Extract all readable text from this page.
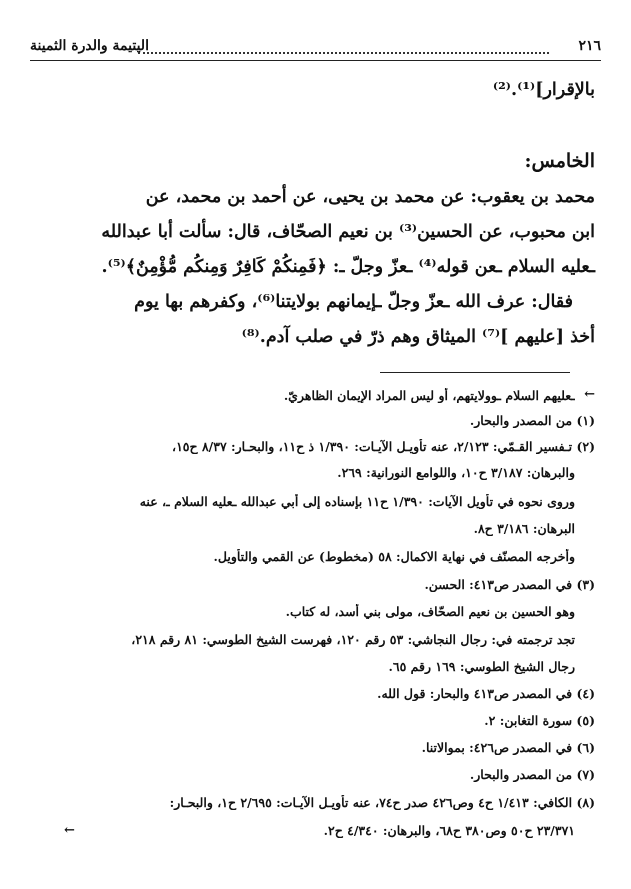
٢١٦
اليتيمة والدرة الثمينة
بالإقرار]⁽¹⁾.⁽²⁾
الخامس:
محمد بن يعقوب: عن محمد بن يحيى، عن أحمد بن محمد، عن
ابن محبوب، عن الحسين⁽³⁾ بن نعيم الصحّاف، قال: سألت أبا عبدالله
ـعليه السلام ـعن قوله⁽⁴⁾ ـعزّ وجلّ ـ: ﴿فَمِنكُمْ كَافِرٌ وَمِنكُم مُّؤْمِنٌ﴾⁽⁵⁾.
فقال: عرف الله ـعزّ وجلّ ـإيمانهم بولايتنا⁽⁶⁾، وكفرهم بها يوم
أخذ [عليهم ]⁽⁷⁾ الميثاق وهم ذرّ في صلب آدم.⁽⁸⁾
←
ـعليهم السلام ـوولايتهم، أو ليس المراد الإيمان الظاهريّ.
(١) من المصدر والبحار.
(٢) تـفسير القـمّي: ٢/١٢٣، عنه تأويـل الآيـات: ١/٣٩٠ ذ ح١١، والبحـار: ٨/٣٧ ح١٥،
والبرهان: ٣/١٨٧ ح١٠، واللوامع النورانية: ٢٦٩.
وروى نحوه في تأويل الآيات: ١/٣٩٠ ح١١ بإسناده إلى أبي عبدالله ـعليه السلام ـ، عنه
البرهان: ٣/١٨٦ ح٨.
وأخرجه المصنّف في نهاية الاكمال: ٥٨ (مخطوط) عن القمي والتأويل.
(٣) في المصدر ص٤١٣: الحسن.
وهو الحسين بن نعيم الصحّاف، مولى بني أسد، له كتاب.
تجد ترجمته في: رجال النجاشي: ٥٣ رقم ١٢٠، فهرست الشيخ الطوسي: ٨١ رقم ٢١٨،
رجال الشيخ الطوسي: ١٦٩ رقم ٦٥.
(٤) في المصدر ص٤١٣ والبحار: قول الله.
(٥) سورة التغابن: ٢.
(٦) في المصدر ص٤٢٦: بموالاتنا.
(٧) من المصدر والبحار.
(٨) الكافي: ١/٤١٣ ح٤ وص٤٢٦ صدر ح٧٤، عنه تأويـل الآيـات: ٢/٦٩٥ ح١، والبحـار:
٢٣/٣٧١ ح٥٠ وص٣٨٠ ح٦٨، والبرهان: ٤/٣٤٠ ح٢.
←
